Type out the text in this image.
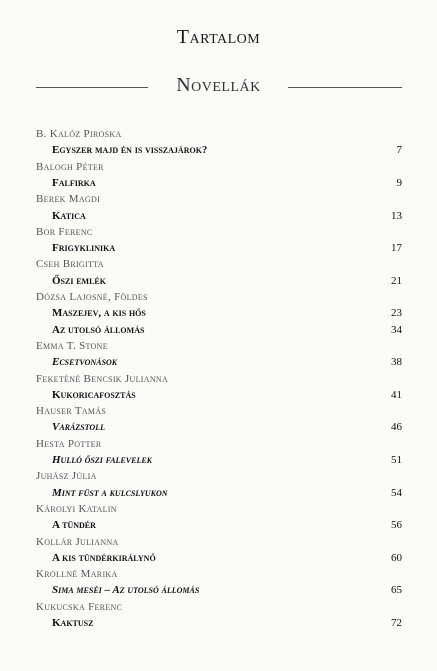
Tartalom
Novellák
B. Kalóz Piroska
Egyszer majd én is visszajárok?	7
Balogh Péter
Falfirka	9
Berek Magdi
Katica	13
Bor Ferenc
Frigyklinika	17
Cseh Brigitta
Őszi emlék	21
Dózsa Lajosné, Földes
Maszejev, a kis hős	23
Az utolsó állomás	34
Emma T. Stone
Ecsetvonások	38
Feketéné Bencsik Julianna
Kukoricafosztás	41
Hauser Tamás
Varázstoll	46
Hesta Potter
Hulló őszi falevelek	51
Juhász Júlia
Mint füst a kulcslyukon	54
Károlyi Katalin
A tündér	56
Kollár Julianna
A kis tündérkirálynő	60
Krollné Marika
Sima meséi – Az utolsó állomás	65
Kukucska Ferenc
Kaktusz	72
